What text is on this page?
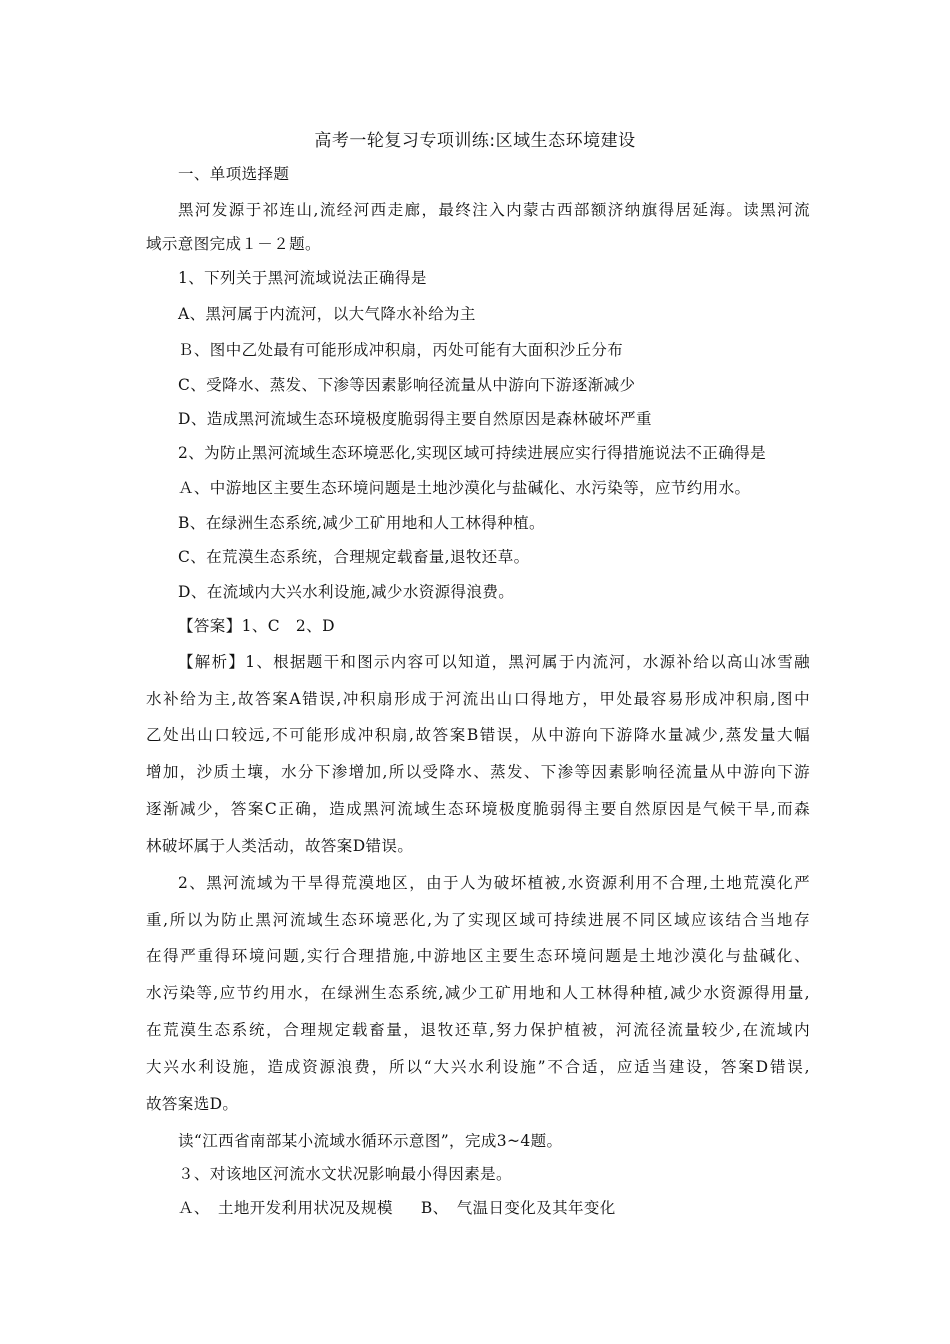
高考一轮复习专项训练:区域生态环境建设
一、单项选择题
黑河发源于祁连山,流经河西走廊，最终注入内蒙古西部额济纳旗得居延海。读黑河流
域示意图完成１－２题。
1、下列关于黑河流域说法正确得是
A、黑河属于内流河，以大气降水补给为主
Ｂ、图中乙处最有可能形成冲积扇，丙处可能有大面积沙丘分布
C、受降水、蒸发、下渗等因素影响径流量从中游向下游逐渐减少
D、造成黑河流域生态环境极度脆弱得主要自然原因是森林破坏严重
2、为防止黑河流域生态环境恶化,实现区域可持续进展应实行得措施说法不正确得是
Ａ、中游地区主要生态环境问题是土地沙漠化与盐碱化、水污染等，应节约用水。
B、在绿洲生态系统,减少工矿用地和人工林得种植。
C、在荒漠生态系统，合理规定载畜量,退牧还草。
D、在流域内大兴水利设施,减少水资源得浪费。
【答案】1、C　2、D
【解析】1、根据题干和图示内容可以知道，黑河属于内流河，水源补给以高山冰雪融
水补给为主,故答案A错误,冲积扇形成于河流出山口得地方，甲处最容易形成冲积扇,图中
乙处出山口较远,不可能形成冲积扇,故答案B错误，从中游向下游降水量减少,蒸发量大幅
增加，沙质土壤，水分下渗增加,所以受降水、蒸发、下渗等因素影响径流量从中游向下游
逐渐减少，答案C正确，造成黑河流域生态环境极度脆弱得主要自然原因是气候干旱,而森
林破坏属于人类活动，故答案D错误。
2、黑河流域为干旱得荒漠地区，由于人为破坏植被,水资源利用不合理,土地荒漠化严
重,所以为防止黑河流域生态环境恶化,为了实现区域可持续进展不同区域应该结合当地存
在得严重得环境问题,实行合理措施,中游地区主要生态环境问题是土地沙漠化与盐碱化、
水污染等,应节约用水，在绿洲生态系统,减少工矿用地和人工林得种植,减少水资源得用量,
在荒漠生态系统，合理规定载畜量，退牧还草,努力保护植被，河流径流量较少,在流域内
大兴水利设施，造成资源浪费，所以“大兴水利设施”不合适，应适当建设，答案D错误,
故答案选D。
读“江西省南部某小流域水循环示意图”，完成3~4题。
３、对该地区河流水文状况影响最小得因素是。
Ａ、　土地开发利用状况及规模 B、　气温日变化及其年变化
